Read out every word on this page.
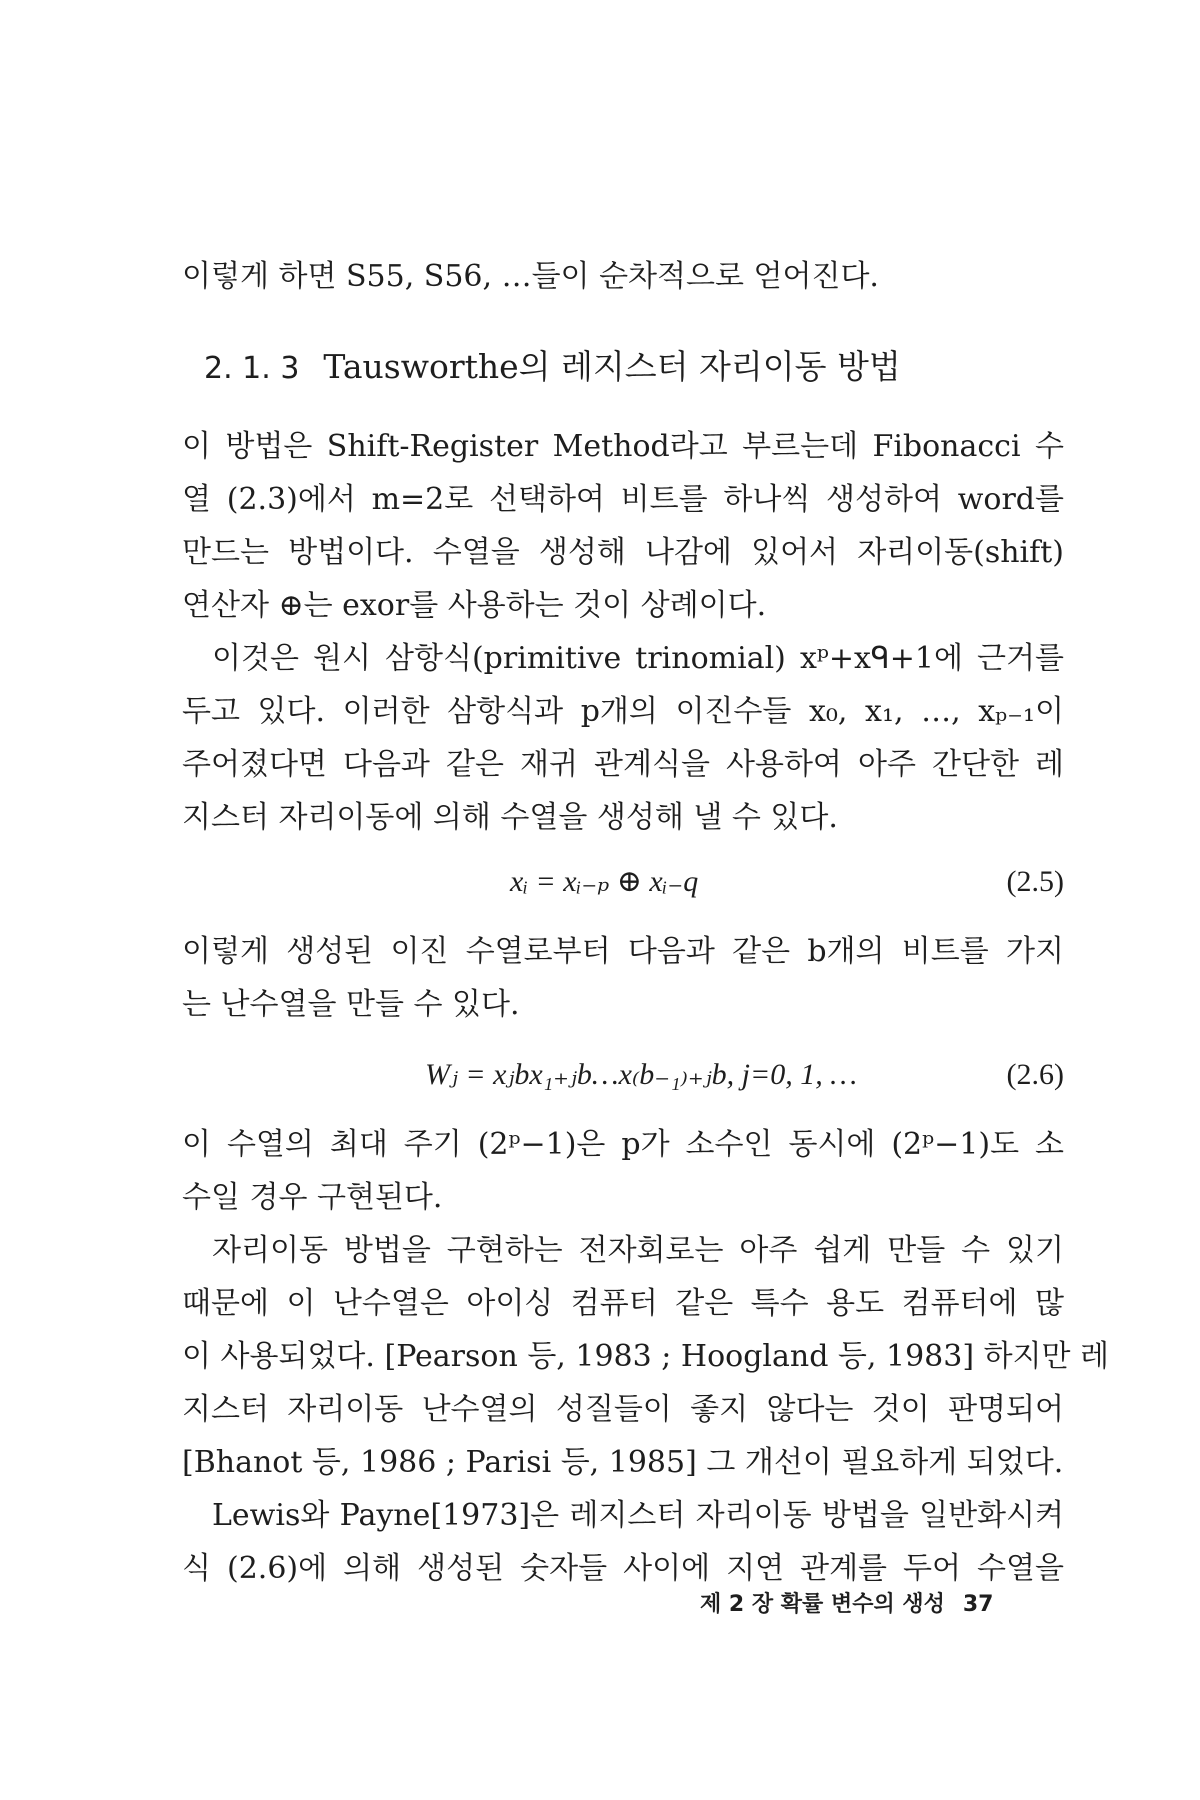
이렇게 하면 S55, S56, …들이 순차적으로 얻어진다.
2. 1. 3 Tausworthe의 레지스터 자리이동 방법
이 방법은 Shift-Register Method라고 부르는데 Fibonacci 수
열 (2.3)에서 m=2로 선택하여 비트를 하나씩 생성하여 word를
만드는 방법이다. 수열을 생성해 나감에 있어서 자리이동(shift)
연산자 ⊕는 exor를 사용하는 것이 상례이다.
이것은 원시 삼항식(primitive trinomial) xᵖ+xᑫ+1에 근거를
두고 있다. 이러한 삼항식과 p개의 이진수들 x₀, x₁, …, xₚ₋₁이
주어졌다면 다음과 같은 재귀 관계식을 사용하여 아주 간단한 레
지스터 자리이동에 의해 수열을 생성해 낼 수 있다.
xᵢ = xᵢ₋ₚ ⊕ xᵢ₋q	(2.5)
이렇게 생성된 이진 수열로부터 다음과 같은 b개의 비트를 가지
는 난수열을 만들 수 있다.
Wⱼ = xⱼbx₁₊ⱼb…x₍b₋₁₎₊ⱼb, j=0, 1, …	(2.6)
이 수열의 최대 주기 (2ᵖ−1)은 p가 소수인 동시에 (2ᵖ−1)도 소
수일 경우 구현된다.
자리이동 방법을 구현하는 전자회로는 아주 쉽게 만들 수 있기
때문에 이 난수열은 아이싱 컴퓨터 같은 특수 용도 컴퓨터에 많
이 사용되었다. [Pearson 등, 1983 ; Hoogland 등, 1983] 하지만 레
지스터 자리이동 난수열의 성질들이 좋지 않다는 것이 판명되어
[Bhanot 등, 1986 ; Parisi 등, 1985] 그 개선이 필요하게 되었다.
Lewis와 Payne[1973]은 레지스터 자리이동 방법을 일반화시켜
식 (2.6)에 의해 생성된 숫자들 사이에 지연 관계를 두어 수열을
제 2 장 확률 변수의 생성 37
